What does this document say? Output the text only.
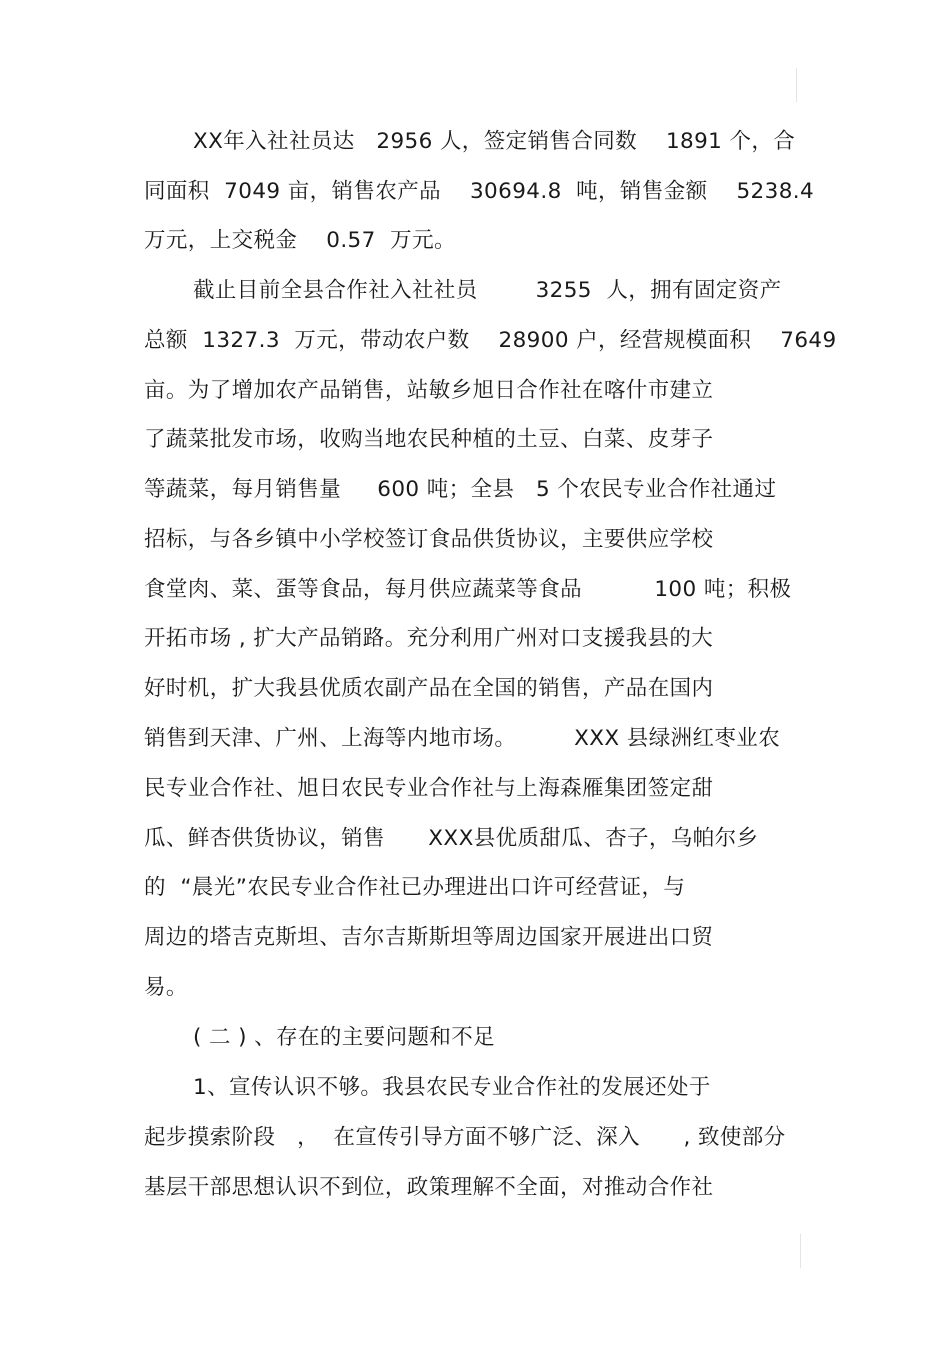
XX年入社社员达   2956 人，签定销售合同数    1891 个，合
同面积  7049 亩，销售农产品    30694.8  吨，销售金额    5238.4
万元，上交税金    0.57  万元。
截止目前全县合作社入社社员        3255  人，拥有固定资产
总额  1327.3  万元，带动农户数    28900 户，经营规模面积    7649
亩。为了增加农产品销售，站敏乡旭日合作社在喀什市建立
了蔬菜批发市场，收购当地农民种植的土豆、白菜、皮芽子
等蔬菜，每月销售量     600 吨；全县   5 个农民专业合作社通过
招标，与各乡镇中小学校签订食品供货协议，主要供应学校
食堂肉、菜、蛋等食品，每月供应蔬菜等食品          100 吨；积极
开拓市场 , 扩大产品销路。充分利用广州对口支援我县的大
好时机，扩大我县优质农副产品在全国的销售，产品在国内
销售到天津、广州、上海等内地市场。        XXX 县绿洲红枣业农
民专业合作社、旭日农民专业合作社与上海森雁集团签定甜
瓜、鲜杏供货协议，销售      XXX县优质甜瓜、杏子，乌帕尔乡
的  “晨光”农民专业合作社已办理进出口许可经营证，与
周边的塔吉克斯坦、吉尔吉斯斯坦等周边国家开展进出口贸
易。
( 二 ) 、存在的主要问题和不足
1、宣传认识不够。我县农民专业合作社的发展还处于
起步摸索阶段   ，  在宣传引导方面不够广泛、深入      , 致使部分
基层干部思想认识不到位，政策理解不全面，对推动合作社
